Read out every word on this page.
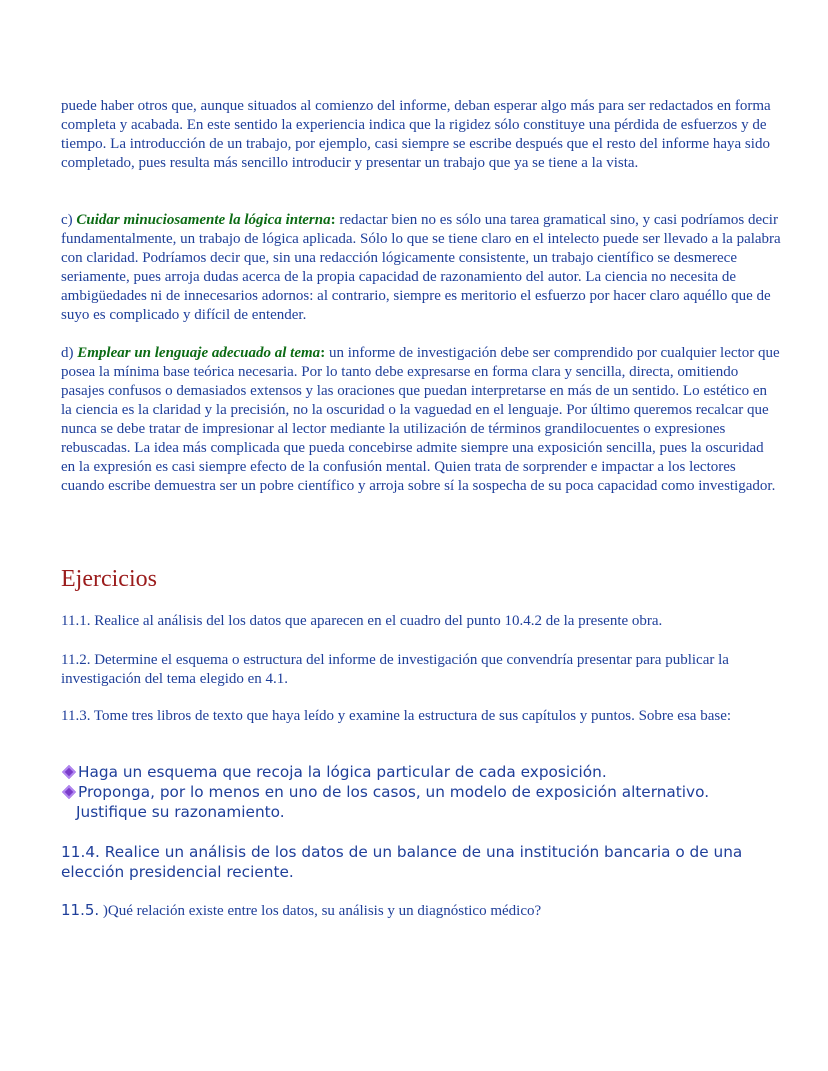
puede haber otros que, aunque situados al comienzo del informe, deban esperar algo más para ser redactados en forma completa y acabada. En este sentido la experiencia indica que la rigidez sólo constituye una pérdida de esfuerzos y de tiempo. La introducción de un trabajo, por ejemplo, casi siempre se escribe después que el resto del informe haya sido completado, pues resulta más sencillo introducir y presentar un trabajo que ya se tiene a la vista.

c) Cuidar minuciosamente la lógica interna: redactar bien no es sólo una tarea gramatical sino, y casi podríamos decir fundamentalmente, un trabajo de lógica aplicada. Sólo lo que se tiene claro en el intelecto puede ser llevado a la palabra con claridad. Podríamos decir que, sin una redacción lógicamente consistente, un trabajo científico se desmerece seriamente, pues arroja dudas acerca de la propia capacidad de razonamiento del autor. La ciencia no necesita de ambigüedades ni de innecesarios adornos: al contrario, siempre es meritorio el esfuerzo por hacer claro aquéllo que de suyo es complicado y difícil de entender.

d) Emplear un lenguaje adecuado al tema: un informe de investigación debe ser comprendido por cualquier lector que posea la mínima base teórica necesaria. Por lo tanto debe expresarse en forma clara y sencilla, directa, omitiendo pasajes confusos o demasiados extensos y las oraciones que puedan interpretarse en más de un sentido. Lo estético en la ciencia es la claridad y la precisión, no la oscuridad o la vaguedad en el lenguaje. Por último queremos recalcar que nunca se debe tratar de impresionar al lector mediante la utilización de términos grandilocuentes o expresiones rebuscadas. La idea más complicada que pueda concebirse admite siempre una exposición sencilla, pues la oscuridad en la expresión es casi siempre efecto de la confusión mental. Quien trata de sorprender e impactar a los lectores cuando escribe demuestra ser un pobre científico y arroja sobre sí la sospecha de su poca capacidad como investigador.

Ejercicios

11.1. Realice al análisis del los datos que aparecen en el cuadro del punto 10.4.2 de la presente obra.

11.2. Determine el esquema o estructura del informe de investigación que convendría presentar para publicar la investigación del tema elegido en 4.1.

11.3. Tome tres libros de texto que haya leído y examine la estructura de sus capítulos y puntos. Sobre esa base:

Haga un esquema que recoja la lógica particular de cada exposición.
Proponga, por lo menos en uno de los casos, un modelo de exposición alternativo.
Justifique su razonamiento.

11.4. Realice un análisis de los datos de un balance de una institución bancaria o de una elección presidencial reciente.

11.5. )Qué relación existe entre los datos, su análisis y un diagnóstico médico?
